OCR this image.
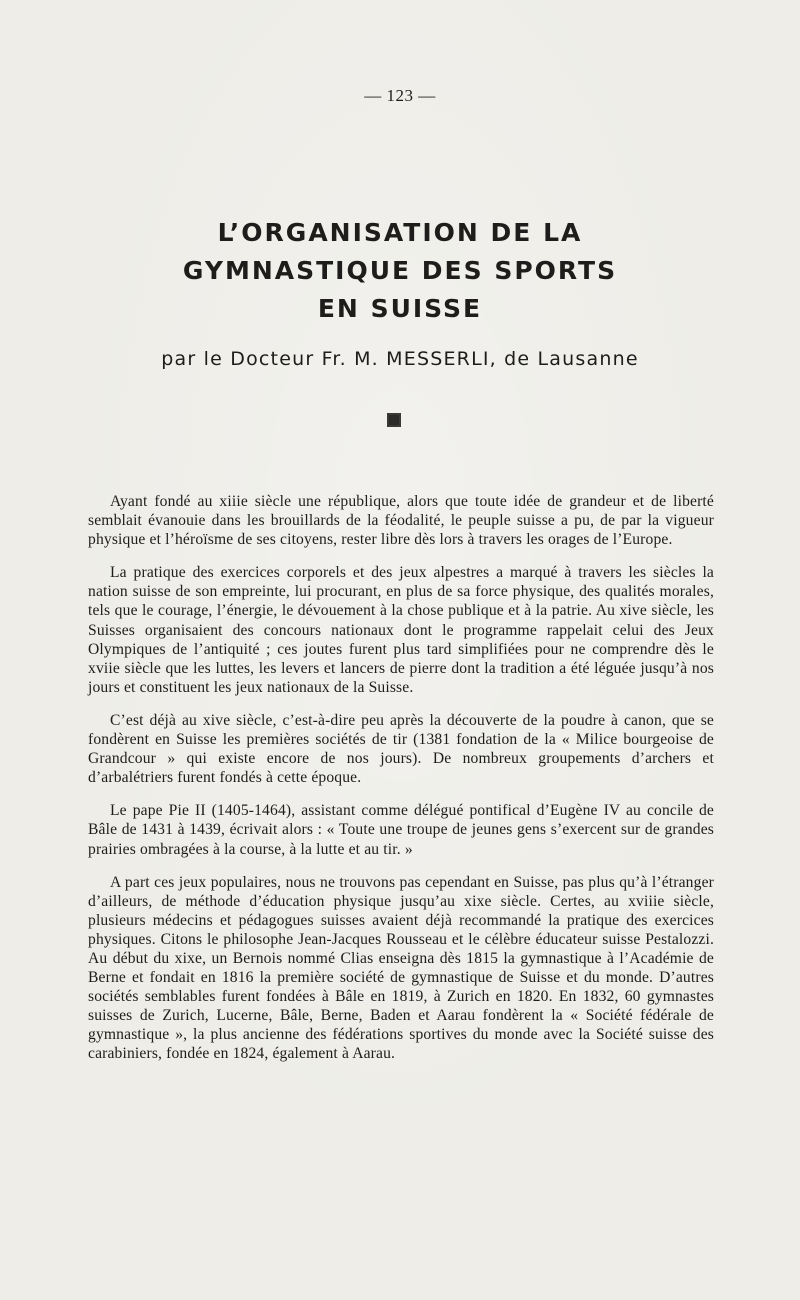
— 123 —
L’ORGANISATION DE LA
GYMNASTIQUE DES SPORTS
EN SUISSE
par le Docteur Fr. M. MESSERLI, de Lausanne

Ayant fondé au xiiie siècle une république, alors que toute idée de grandeur et de liberté semblait évanouie dans les brouillards de la féodalité, le peuple suisse a pu, de par la vigueur physique et l’héroïsme de ses citoyens, rester libre dès lors à travers les orages de l’Europe.

La pratique des exercices corporels et des jeux alpestres a marqué à travers les siècles la nation suisse de son empreinte, lui procurant, en plus de sa force physique, des qualités morales, tels que le courage, l’énergie, le dévouement à la chose publique et à la patrie. Au xive siècle, les Suisses organisaient des concours nationaux dont le programme rappelait celui des Jeux Olympiques de l’antiquité ; ces joutes furent plus tard simplifiées pour ne comprendre dès le xviie siècle que les luttes, les levers et lancers de pierre dont la tradition a été léguée jusqu’à nos jours et constituent les jeux nationaux de la Suisse.

C’est déjà au xive siècle, c’est-à-dire peu après la découverte de la poudre à canon, que se fondèrent en Suisse les premières sociétés de tir (1381 fondation de la « Milice bourgeoise de Grandcour » qui existe encore de nos jours). De nombreux groupements d’archers et d’arbalétriers furent fondés à cette époque.

Le pape Pie II (1405-1464), assistant comme délégué pontifical d’Eugène IV au concile de Bâle de 1431 à 1439, écrivait alors : « Toute une troupe de jeunes gens s’exercent sur de grandes prairies ombragées à la course, à la lutte et au tir. »

A part ces jeux populaires, nous ne trouvons pas cependant en Suisse, pas plus qu’à l’étranger d’ailleurs, de méthode d’éducation physique jusqu’au xixe siècle. Certes, au xviiie siècle, plusieurs médecins et pédagogues suisses avaient déjà recommandé la pratique des exercices physiques. Citons le philosophe Jean-Jacques Rousseau et le célèbre éducateur suisse Pestalozzi. Au début du xixe, un Bernois nommé Clias enseigna dès 1815 la gymnastique à l’Académie de Berne et fondait en 1816 la première société de gymnastique de Suisse et du monde. D’autres sociétés semblables furent fondées à Bâle en 1819, à Zurich en 1820. En 1832, 60 gymnastes suisses de Zurich, Lucerne, Bâle, Berne, Baden et Aarau fondèrent la « Société fédérale de gymnastique », la plus ancienne des fédérations sportives du monde avec la Société suisse des carabiniers, fondée en 1824, également à Aarau.
